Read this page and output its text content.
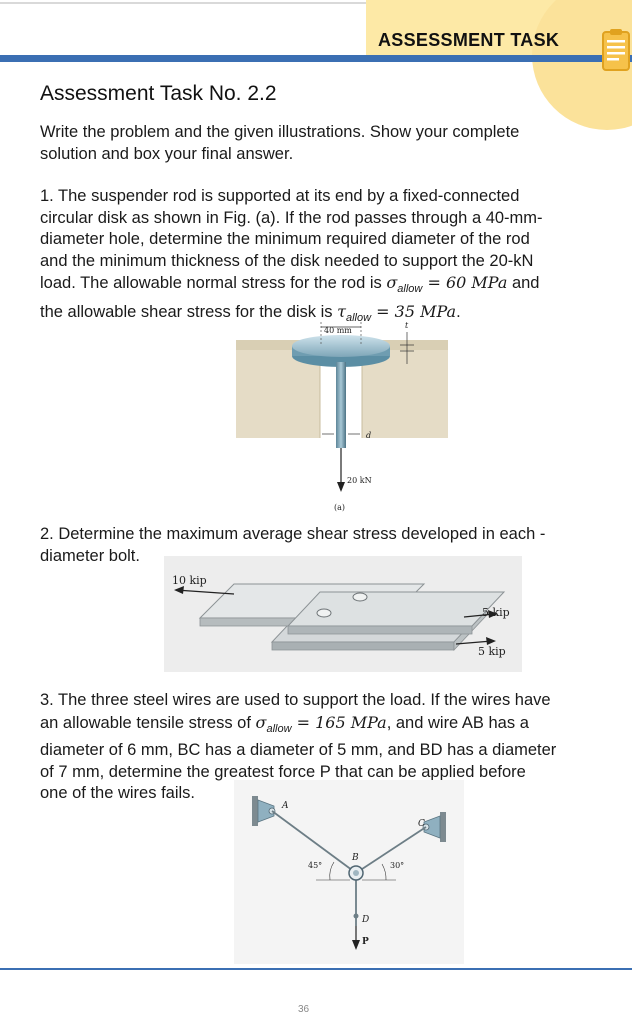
ASSESSMENT TASK
Assessment Task No. 2.2
Write the problem and the given illustrations. Show your complete
solution and box your final answer.
1. The suspender rod is supported at its end by a fixed-connected
circular disk as shown in Fig. (a). If the rod passes through a 40-mm-
diameter hole, determine the minimum required diameter of the rod
and the minimum thickness of the disk needed to support the 20-kN
load. The allowable normal stress for the rod is $\sigma_{allow} = 60$ MPa and
the allowable shear stress for the disk is $\tau_{allow} = 35$ MPa.
40 mm
t
d
20 kN
(a)
2. Determine the maximum average shear stress developed in each -
diameter bolt.
10 kip
5 kip
5 kip
3. The three steel wires are used to support the load. If the wires have
an allowable tensile stress of $\sigma_{allow} = 165$ MPa, and wire AB has a
diameter of 6 mm, BC has a diameter of 5 mm, and BD has a diameter
of 7 mm, determine the greatest force P that can be applied before
one of the wires fails.
45°	30°
A
B
C
D
P
36
